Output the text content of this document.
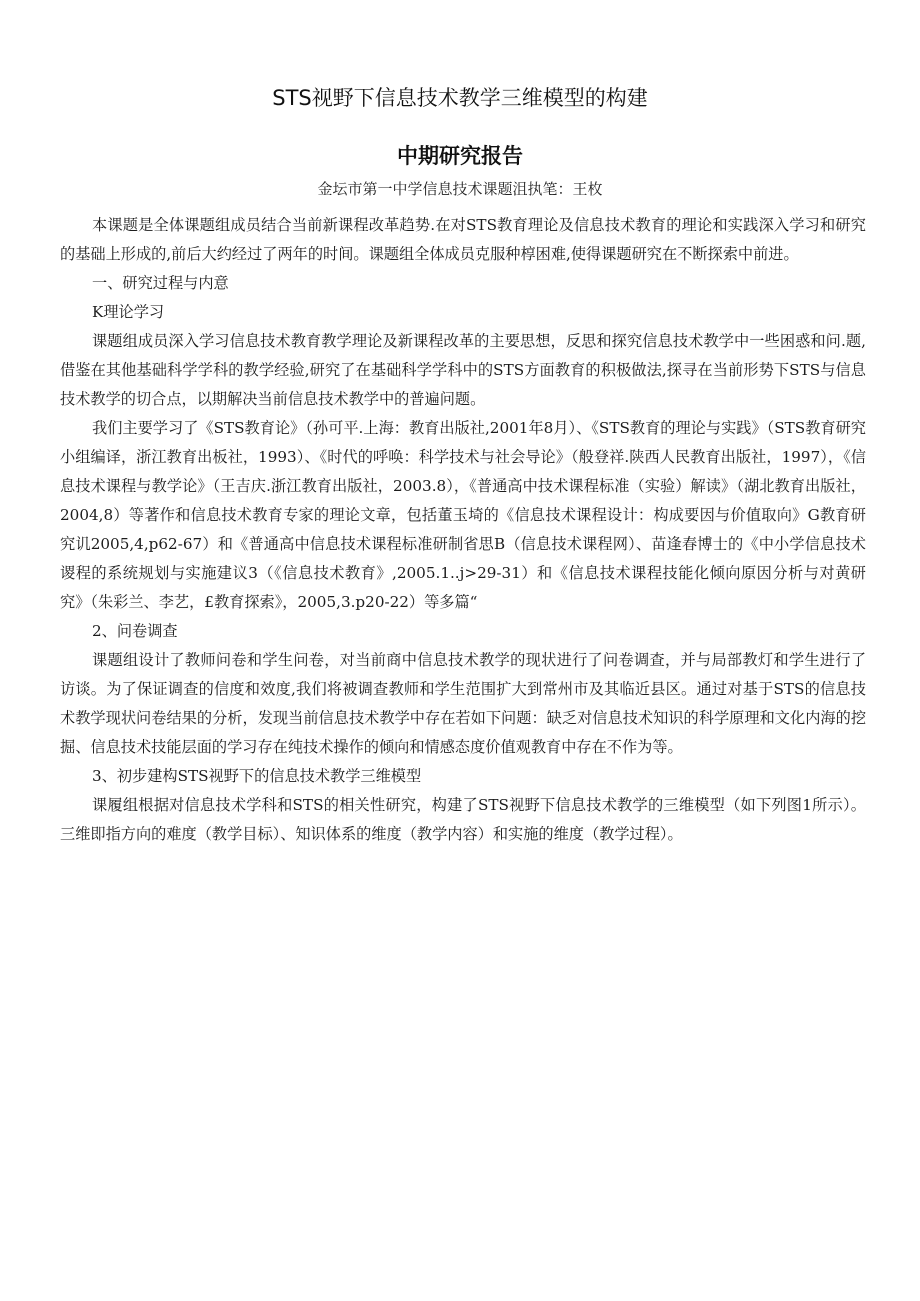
STS视野下信息技术教学三维模型的构建
中期研究报告
金坛市第一中学信息技术课题沮执笔：王枚

本课题是全体课题组成员结合当前新课程改革趋势.在对STS教育理论及信息技术教育的理论和实践深入学习和研究的基础上形成的,前后大约经过了两年的时间。课题组全体成员克服种椁困难,使得课题研究在不断探索中前进。

一、研究过程与内意

K理论学习

课题组成员深入学习信息技术教育教学理论及新课程改革的主要思想，反思和探究信息技术教学中一些困惑和问.题,借鉴在其他基础科学学科的教学经验,研究了在基础科学学科中的STS方面教育的积极做法,探寻在当前形势下STS与信息技术教学的切合点，以期解决当前信息技术教学中的普遍问题。

我们主要学习了《STS教育论》（孙可平.上海：教育出版社,2001年8月）、《STS教育的理论与实践》（STS教育研究小组编译，浙江教育出板社，1993）、《时代的呼唤：科学技术与社会导论》（般登祥.陕西人民教育出版社，1997），《信息技术课程与教学论》（王吉庆.浙江教育出版社，2003.8），《普通高中技术课程标准（实验）解读》（湖北教育出版社，2004,8）等著作和信息技术教育专家的理论文章，包括董玉埼的《信息技术课程设计：构成要因与价值取向》G教育研究讥2005,4,p62-67）和《普通高中信息技术课程标准研制省思B（信息技术课程网）、苗逢春博士的《中小学信息技术谡程的系统规划与实施建议3（《信息技术教育》,2005.1..j>29-31）和《信息技术课程技能化倾向原因分析与对黄研究》（朱彩兰、李艺，£教育探索》，2005,3.p20-22）等多篇“

2、问卷调查

课题组设计了教师问卷和学生问卷，对当前商中信息技术教学的现状进行了问卷调查，并与局部教灯和学生进行了访谈。为了保证调查的信度和效度,我们将被调查教师和学生范围扩大到常州市及其临近县区。通过对基于STS的信息技术教学现状问卷结果的分析，发现当前信息技术教学中存在若如下问题：缺乏对信息技术知识的科学原理和文化内海的挖掘、信息技术技能层面的学习存在纯技术操作的倾向和情感态度价值观教育中存在不作为等。

3、初步建构STS视野下的信息技术教学三维模型

课履组根据对信息技术学科和STS的相关性研究，构建了STS视野下信息技术教学的三维模型（如下列图1所示）。三维即指方向的难度（教学目标）、知识体系的维度（教学内容）和实施的维度（教学过程）。
